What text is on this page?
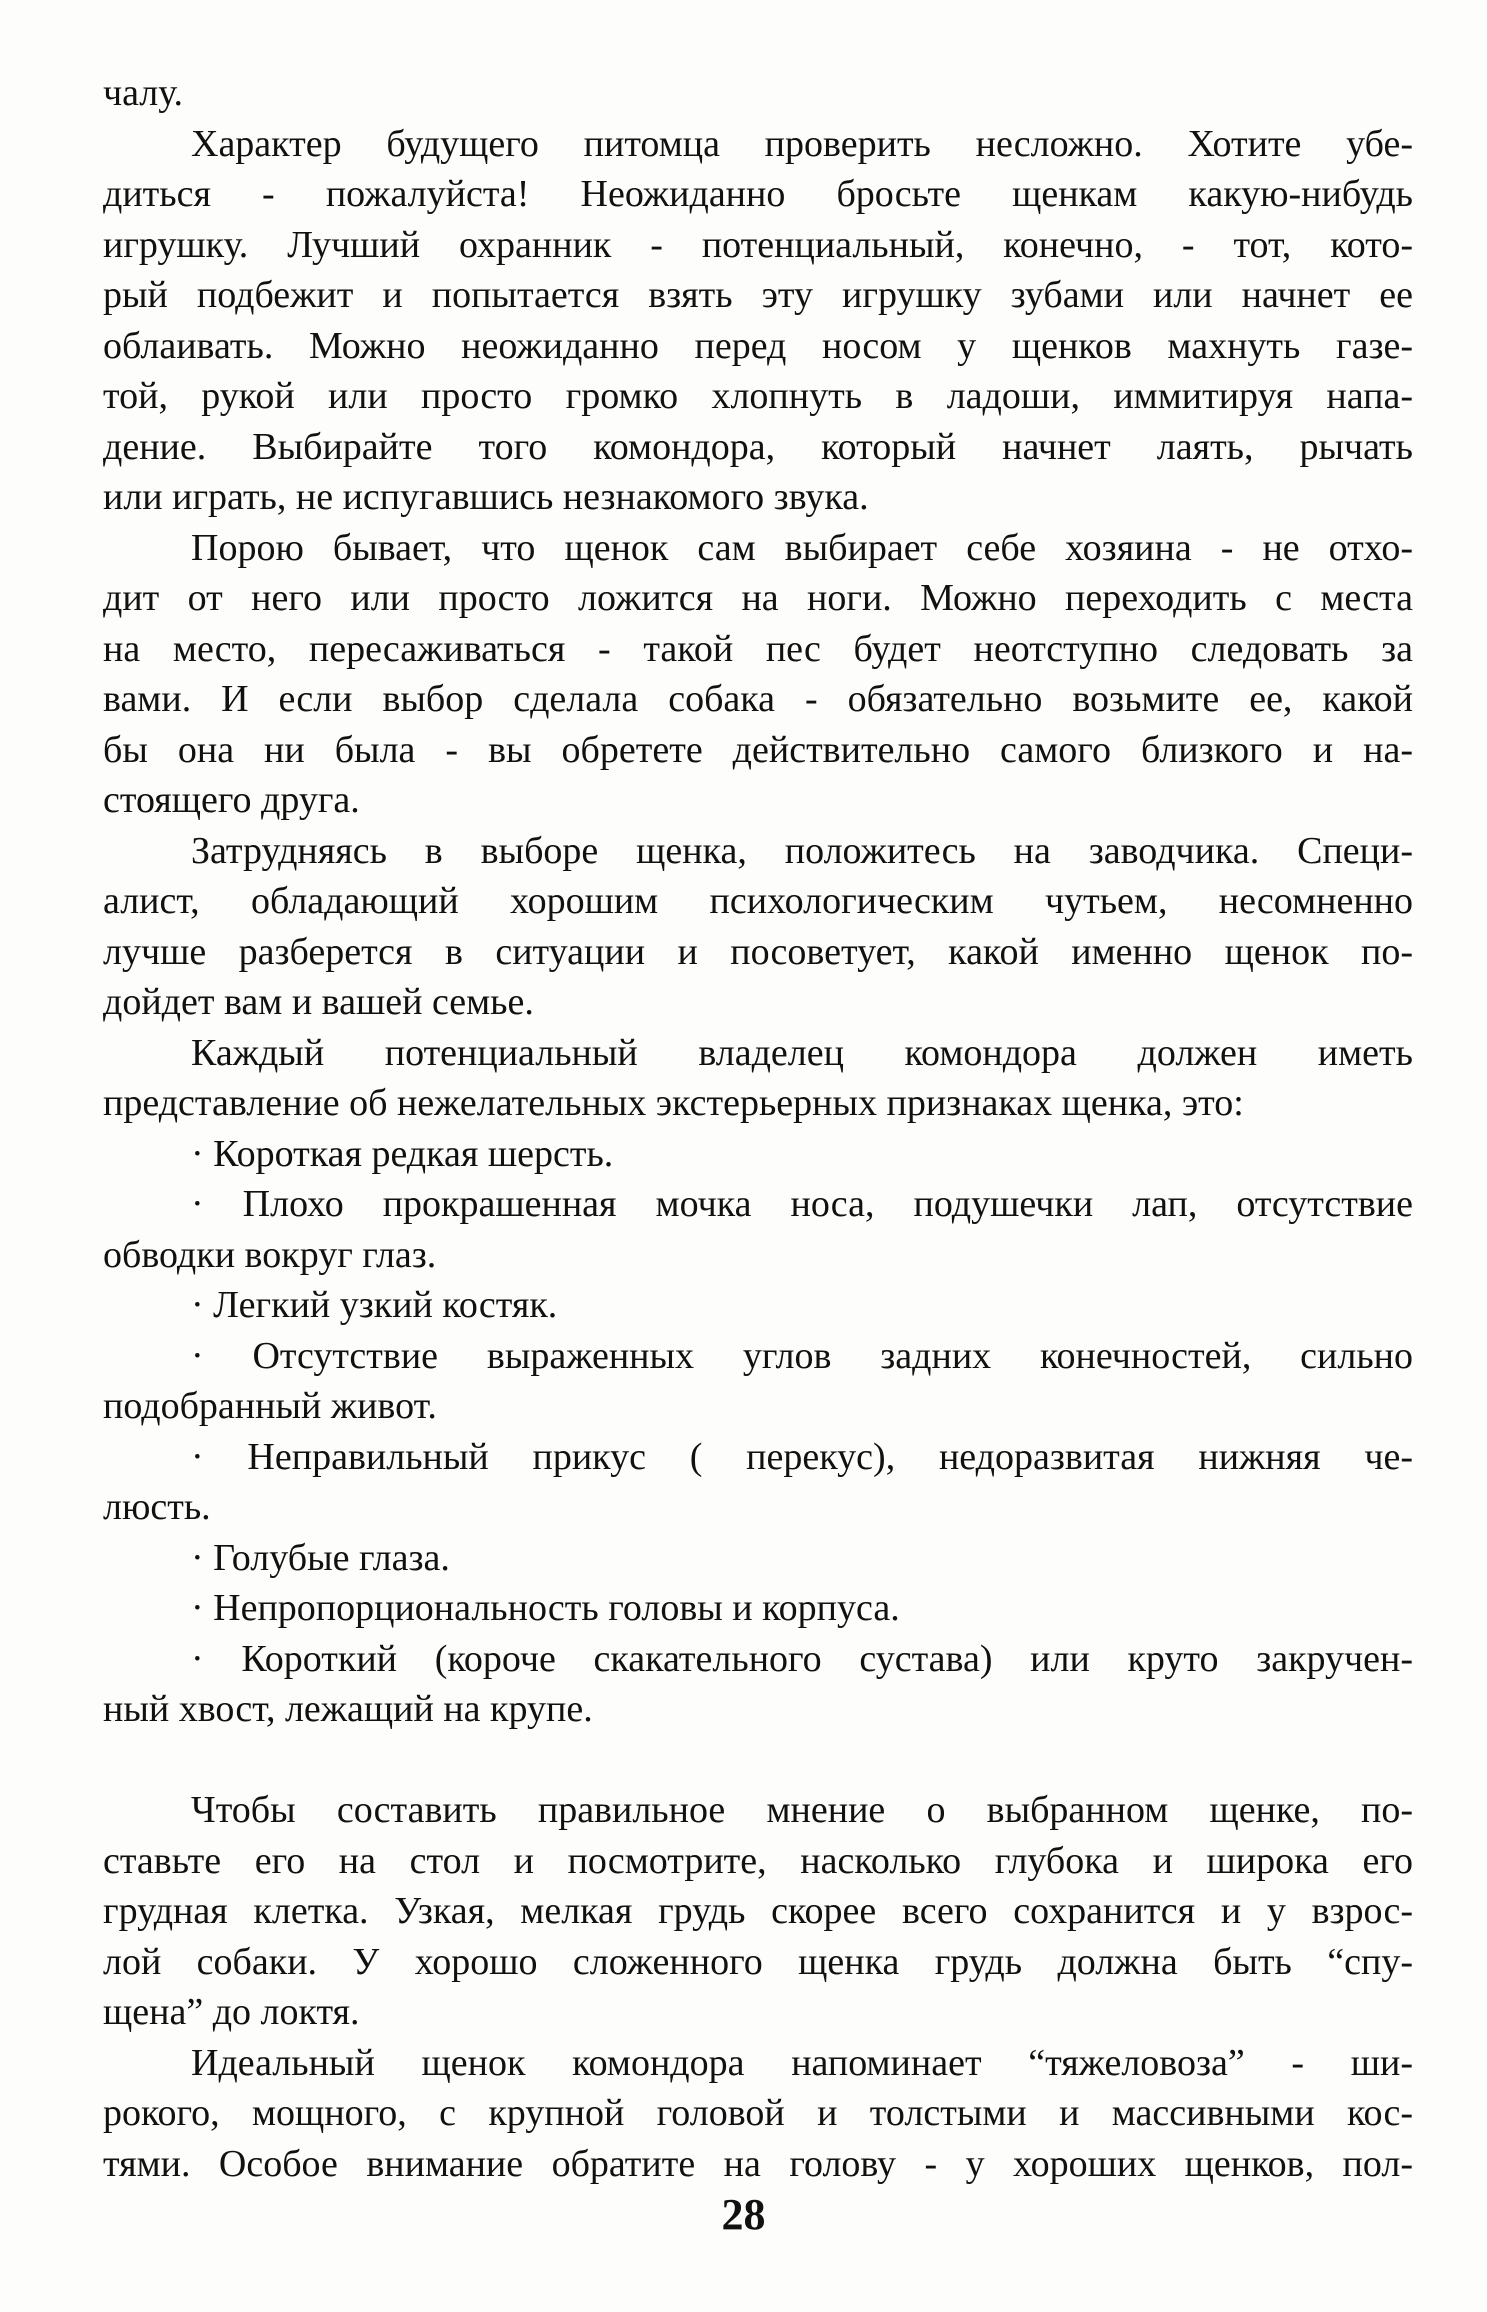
чалу.
Характер будущего питомца проверить несложно. Хотите убе-
диться - пожалуйста! Неожиданно бросьте щенкам какую-нибудь
игрушку. Лучший охранник - потенциальный, конечно, - тот, кото-
рый подбежит и попытается взять эту игрушку зубами или начнет ее
облаивать. Можно неожиданно перед носом у щенков махнуть газе-
той, рукой или просто громко хлопнуть в ладоши, иммитируя напа-
дение. Выбирайте того комондора, который начнет лаять, рычать
или играть, не испугавшись незнакомого звука.
Порою бывает, что щенок сам выбирает себе хозяина - не отхо-
дит от него или просто ложится на ноги. Можно переходить с места
на место, пересаживаться - такой пес будет неотступно следовать за
вами. И если выбор сделала собака - обязательно возьмите ее, какой
бы она ни была - вы обретете действительно самого близкого и на-
стоящего друга.
Затрудняясь в выборе щенка, положитесь на заводчика. Специ-
алист, обладающий хорошим психологическим чутьем, несомненно
лучше разберется в ситуации и посоветует, какой именно щенок по-
дойдет вам и вашей семье.
Каждый потенциальный владелец комондора должен иметь
представление об нежелательных экстерьерных признаках щенка, это:
· Короткая редкая шерсть.
· Плохо прокрашенная мочка носа, подушечки лап, отсутствие
обводки вокруг глаз.
· Легкий узкий костяк.
· Отсутствие выраженных углов задних конечностей, сильно
подобранный живот.
· Неправильный прикус ( перекус), недоразвитая нижняя че-
люсть.
· Голубые глаза.
· Непропорциональность головы и корпуса.
· Короткий (короче скакательного сустава) или круто закручен-
ный хвост, лежащий на крупе.
Чтобы составить правильное мнение о выбранном щенке, по-
ставьте его на стол и посмотрите, насколько глубока и широка его
грудная клетка. Узкая, мелкая грудь скорее всего сохранится и у взрос-
лой собаки. У хорошо сложенного щенка грудь должна быть “спу-
щена” до локтя.
Идеальный щенок комондора напоминает “тяжеловоза” - ши-
рокого, мощного, с крупной головой и толстыми и массивными кос-
тями. Особое внимание обратите на голову - у хороших щенков, пол-
28
